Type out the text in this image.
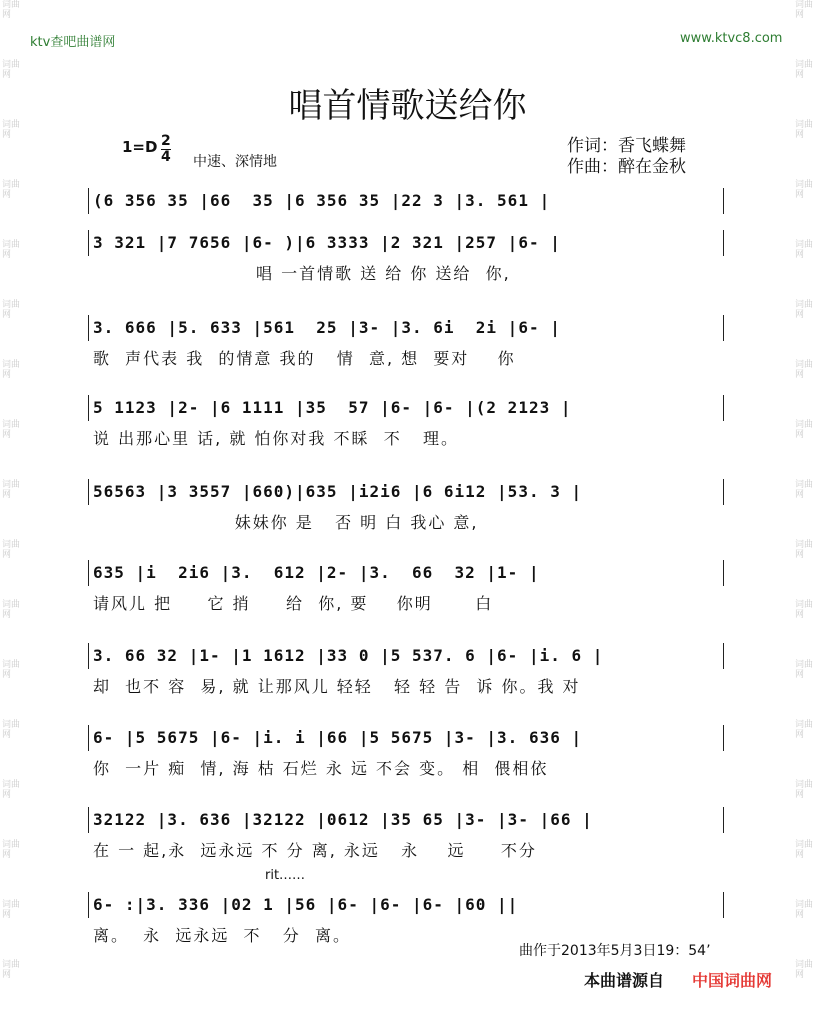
词曲网
词曲网
词曲网
词曲网
词曲网
词曲网
词曲网
词曲网
词曲网
词曲网
词曲网
词曲网
词曲网
词曲网
词曲网
词曲网
词曲网
词曲网
词曲网
词曲网
词曲网
词曲网
词曲网
词曲网
词曲网
词曲网
词曲网
词曲网
词曲网
词曲网
词曲网
词曲网
词曲网
词曲网
ktv查吧曲谱网	www.ktvc8.com
唱首情歌送给你
$1=D \frac{2}{4}$ 中速、深情地
作词：香飞蝶舞
作曲：醉在金秋
(6 356 35 |66  35 |6 356 35 |22 3 |3. 561 |
3 321 |7 7656 |6- )|6 3333 |2 321 |257 |6- |
唱 一首情歌 送 给 你 送给  你,
3. 666 |5. 633 |561  25 |3- |3. 6i  2i |6- |
歌  声代表 我  的情意 我的   情  意, 想  要对    你
5 1123 |2- |6 1111 |35  57 |6- |6- |(2 2123 |
说 出那心里 话, 就 怕你对我 不睬  不   理。
56563 |3 3557 |660)|635 |i2i6 |6 6i12 |53. 3 |
妹妹你 是   否 明 白 我心 意,
635 |i  2i6 |3.  612 |2- |3.  66  32 |1- |
请风儿 把     它 捎     给  你, 要    你明      白
3. 66 32 |1- |1 1612 |33 0 |5 537. 6 |6- |i. 6 |
却  也不 容  易, 就 让那风儿 轻轻   轻 轻 告  诉 你。我 对
6- |5 5675 |6- |i. i |66 |5 5675 |3- |3. 636 |
你  一片 痴  情, 海 枯 石烂 永 远 不会 变。 相  偎相依
32122 |3. 636 |32122 |0612 |35 65 |3- |3- |66 |
在 一 起,永  远永远 不 分 离, 永远   永    远     不分
6- :|3. 336 |02 1 |56 |6- |6- |6- |60 ||
离。  永  远永远  不   分  离。
rit……
曲作于2013年5月3日19：54’
本曲谱源自 中国词曲网
